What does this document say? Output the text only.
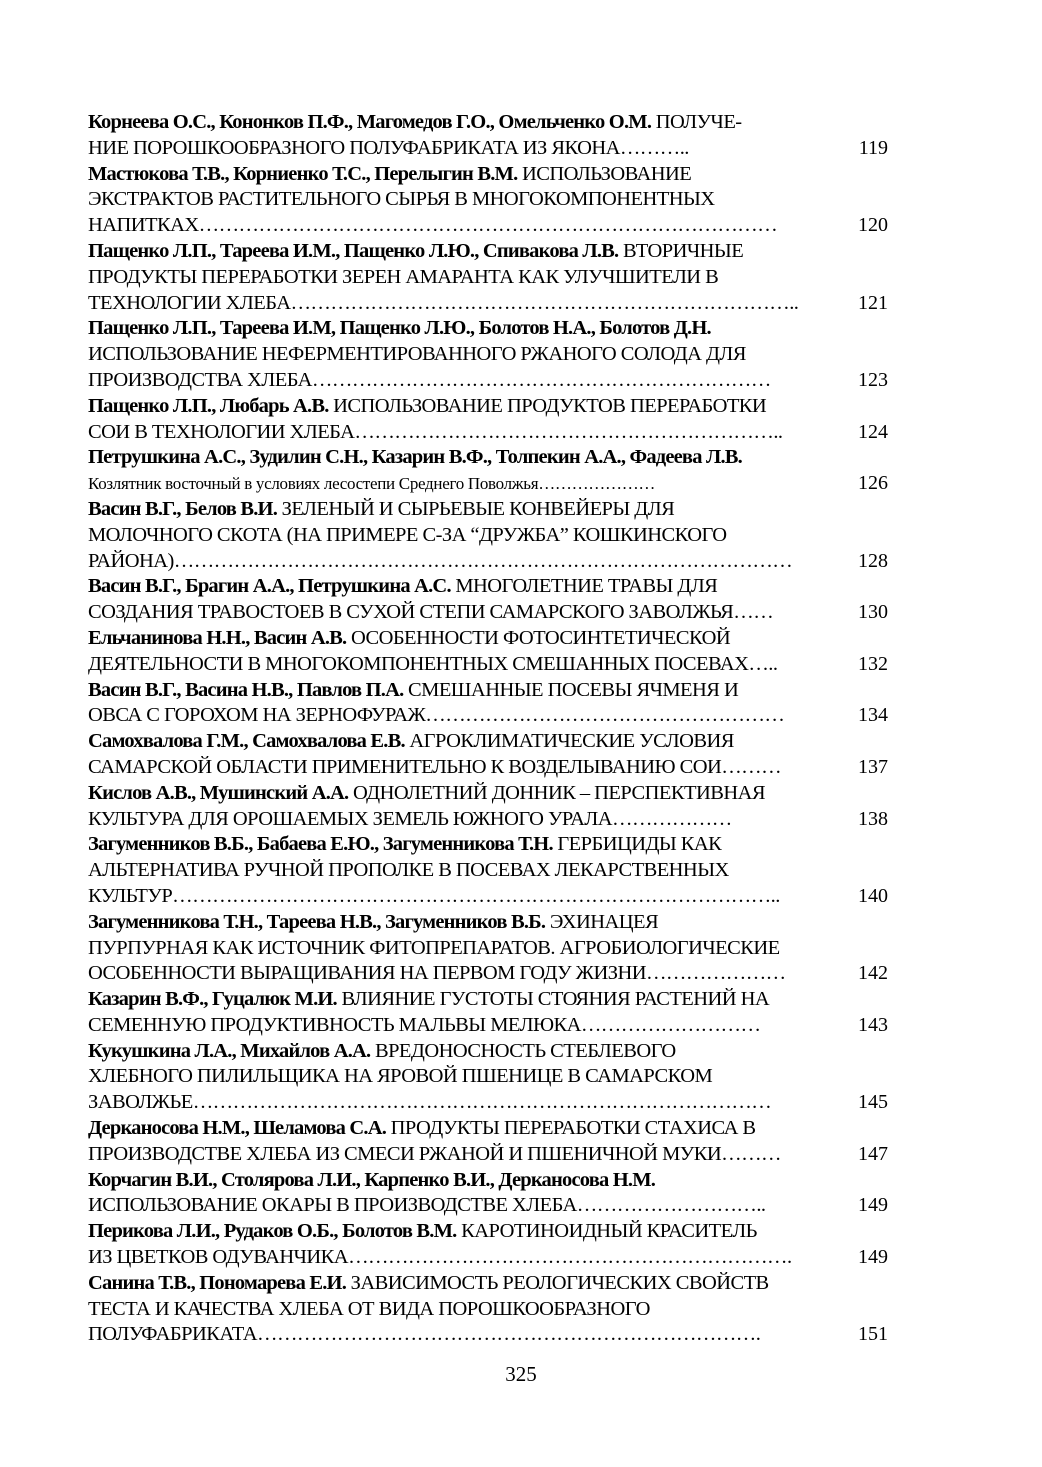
Корнеева О.С., Кононков П.Ф., Магомедов Г.О., Омельченко О.М. ПОЛУЧЕ-
НИЕ ПОРОШКООБРАЗНОГО ПОЛУФАБРИКАТА ИЗ ЯКОНА………..	119
Мастюкова Т.В., Корниенко Т.С., Перелыгин В.М. ИСПОЛЬЗОВАНИЕ
ЭКСТРАКТОВ РАСТИТЕЛЬНОГО СЫРЬЯ В МНОГОКОМПОНЕНТНЫХ
НАПИТКАХ……………………………………………………………………………	120
Пащенко Л.П., Тареева И.М., Пащенко Л.Ю., Спивакова Л.В. ВТОРИЧНЫЕ
ПРОДУКТЫ ПЕРЕРАБОТКИ ЗЕРЕН АМАРАНТА КАК УЛУЧШИТЕЛИ В
ТЕХНОЛОГИИ ХЛЕБА…………………………………………………………………..	121
Пащенко Л.П., Тареева И.М, Пащенко Л.Ю., Болотов Н.А., Болотов Д.Н.
ИСПОЛЬЗОВАНИЕ НЕФЕРМЕНТИРОВАННОГО РЖАНОГО СОЛОДА ДЛЯ
ПРОИЗВОДСТВА ХЛЕБА……………………………………………………………	123
Пащенко Л.П., Любарь А.В. ИСПОЛЬЗОВАНИЕ ПРОДУКТОВ ПЕРЕРАБОТКИ
СОИ В ТЕХНОЛОГИИ ХЛЕБА………………………………………………………..	124
Петрушкина А.С., Зудилин С.Н., Казарин В.Ф., Толпекин А.А., Фадеева Л.В.
Козлятник восточный в условиях лесостепи Среднего Поволжья…………………	126
Васин В.Г., Белов В.И. ЗЕЛЕНЫЙ И СЫРЬЕВЫЕ КОНВЕЙЕРЫ ДЛЯ
МОЛОЧНОГО СКОТА (НА ПРИМЕРЕ С-ЗА “ДРУЖБА” КОШКИНСКОГО
РАЙОНА)…………………………………………………………………………………	128
Васин В.Г., Брагин А.А., Петрушкина А.С. МНОГОЛЕТНИЕ ТРАВЫ ДЛЯ
СОЗДАНИЯ ТРАВОСТОЕВ В СУХОЙ СТЕПИ САМАРСКОГО ЗАВОЛЖЬЯ……	130
Ельчанинова Н.Н., Васин А.В. ОСОБЕННОСТИ ФОТОСИНТЕТИЧЕСКОЙ
ДЕЯТЕЛЬНОСТИ В МНОГОКОМПОНЕНТНЫХ СМЕШАННЫХ ПОСЕВАХ…..	132
Васин В.Г., Васина Н.В., Павлов П.А. СМЕШАННЫЕ ПОСЕВЫ ЯЧМЕНЯ И
ОВСА С ГОРОХОМ НА ЗЕРНОФУРАЖ………………………………………………	134
Самохвалова Г.М., Самохвалова Е.В. АГРОКЛИМАТИЧЕСКИЕ УСЛОВИЯ
САМАРСКОЙ ОБЛАСТИ ПРИМЕНИТЕЛЬНО К ВОЗДЕЛЫВАНИЮ СОИ………	137
Кислов А.В., Мушинский А.А. ОДНОЛЕТНИЙ ДОННИК – ПЕРСПЕКТИВНАЯ
КУЛЬТУРА ДЛЯ ОРОШАЕМЫХ ЗЕМЕЛЬ ЮЖНОГО УРАЛА………………	138
Загуменников В.Б., Бабаева Е.Ю., Загуменникова Т.Н. ГЕРБИЦИДЫ КАК
АЛЬТЕРНАТИВА РУЧНОЙ ПРОПОЛКЕ В ПОСЕВАХ ЛЕКАРСТВЕННЫХ
КУЛЬТУР………………………………………………………………………………..	140
Загуменникова Т.Н., Тареева Н.В., Загуменников В.Б. ЭХИНАЦЕЯ
ПУРПУРНАЯ КАК ИСТОЧНИК ФИТОПРЕПАРАТОВ. АГРОБИОЛОГИЧЕСКИЕ
ОСОБЕННОСТИ ВЫРАЩИВАНИЯ НА ПЕРВОМ ГОДУ ЖИЗНИ…………………	142
Казарин В.Ф., Гуцалюк М.И. ВЛИЯНИЕ ГУСТОТЫ СТОЯНИЯ РАСТЕНИЙ НА
СЕМЕННУЮ ПРОДУКТИВНОСТЬ МАЛЬВЫ МЕЛЮКА………………………	143
Кукушкина Л.А., Михайлов А.А. ВРЕДОНОСНОСТЬ СТЕБЛЕВОГО
ХЛЕБНОГО ПИЛИЛЬЩИКА НА ЯРОВОЙ ПШЕНИЦЕ В САМАРСКОМ
ЗАВОЛЖЬЕ……………………………………………………………………………	145
Дерканосова Н.М., Шеламова С.А. ПРОДУКТЫ ПЕРЕРАБОТКИ СТАХИСА В
ПРОИЗВОДСТВЕ ХЛЕБА ИЗ СМЕСИ РЖАНОЙ И ПШЕНИЧНОЙ МУКИ………	147
Корчагин В.И., Столярова Л.И., Карпенко В.И., Дерканосова Н.М.
ИСПОЛЬЗОВАНИЕ ОКАРЫ В ПРОИЗВОДСТВЕ ХЛЕБА………………………..	149
Перикова Л.И., Рудаков О.Б., Болотов В.М. КАРОТИНОИДНЫЙ КРАСИТЕЛЬ
ИЗ ЦВЕТКОВ ОДУВАНЧИКА………………………………………………………….	149
Санина Т.В., Пономарева Е.И. ЗАВИСИМОСТЬ РЕОЛОГИЧЕСКИХ СВОЙСТВ
ТЕСТА И КАЧЕСТВА ХЛЕБА ОТ ВИДА ПОРОШКООБРАЗНОГО
ПОЛУФАБРИКАТА………………………………………………………………….	151
325
